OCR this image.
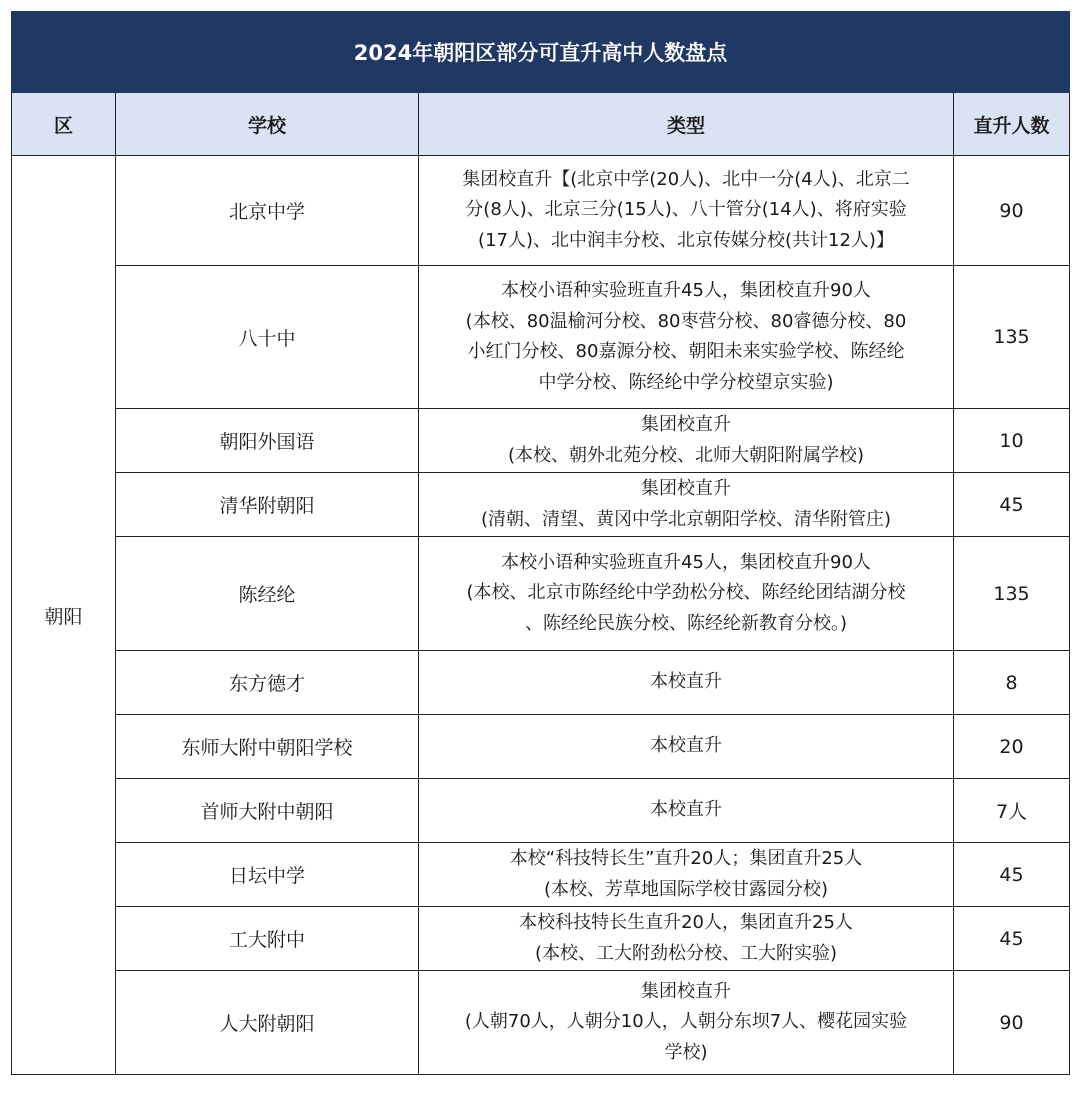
2024年朝阳区部分可直升高中人数盘点			
区	学校	类型	直升人数
朝阳	北京中学	集团校直升【(北京中学(20人)、北中一分(4人)、北京二
分(8人)、北京三分(15人)、八十管分(14人)、将府实验
(17人)、北中润丰分校、北京传媒分校(共计12人)】	90
	八十中	本校小语种实验班直升45人，集团校直升90人
(本校、80温榆河分校、80枣营分校、80睿德分校、80
小红门分校、80嘉源分校、朝阳未来实验学校、陈经纶
中学分校、陈经纶中学分校望京实验)	135
	朝阳外国语	集团校直升
(本校、朝外北苑分校、北师大朝阳附属学校)	10
	清华附朝阳	集团校直升
(清朝、清望、黄冈中学北京朝阳学校、清华附管庄)	45
	陈经纶	本校小语种实验班直升45人，集团校直升90人
(本校、北京市陈经纶中学劲松分校、陈经纶团结湖分校
、陈经纶民族分校、陈经纶新教育分校。)	135
	东方德才	本校直升	8
	东师大附中朝阳学校	本校直升	20
	首师大附中朝阳	本校直升	7人
	日坛中学	本校“科技特长生”直升20人；集团直升25人
(本校、芳草地国际学校甘露园分校)	45
	工大附中	本校科技特长生直升20人，集团直升25人
(本校、工大附劲松分校、工大附实验)	45
	人大附朝阳	集团校直升
(人朝70人，人朝分10人，人朝分东坝7人、樱花园实验
学校)	90
